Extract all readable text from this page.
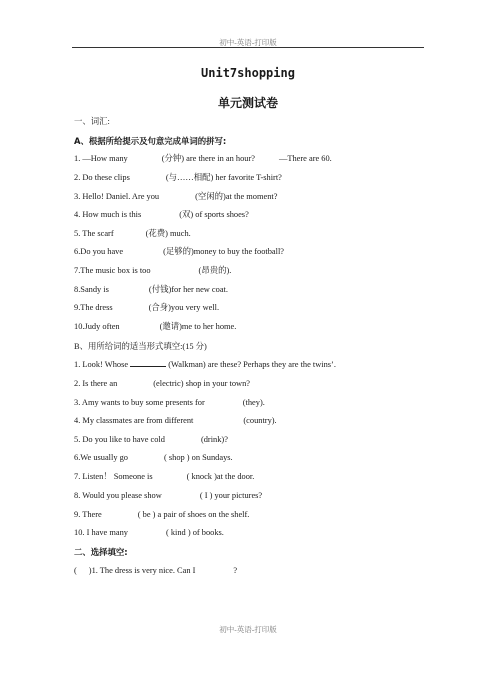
初中-英语-打印版
Unit7shopping
单元测试卷
一、词汇:
A、根据所给提示及句意完成单词的拼写:
1. —How many	(分钟) are there in an hour?	—There are 60.
2. Do these clips	(与……相配) her favorite T-shirt?
3. Hello! Daniel. Are you	(空闲的)at the moment?
4. How much is this	(双) of sports shoes?
5. The scarf	(花费) much.
6.Do you have	(足够的)money to buy the football?
7.The music box is too	(昂贵的).
8.Sandy is	(付钱)for her new coat.
9.The dress	(合身)you very well.
10.Judy often	(邀请)me to her home.
B、用所给词的适当形式填空:(15 分)
1. Look! Whose	(Walkman) are these? Perhaps they are the twins’.
2. Is there an	(electric) shop in your town?
3. Amy wants to buy some presents for	(they).
4. My classmates are from different	(country).
5. Do you like to have cold	(drink)?
6.We usually go	( shop ) on Sundays.
7. Listen！ Someone is	( knock )at the door.
8. Would you please show	( I ) your pictures?
9. There	( be ) a pair of shoes on the shelf.
10. I have many	( kind ) of books.
二、选择填空:
( )1. The dress is very nice. Can I	?
初中-英语-打印版
